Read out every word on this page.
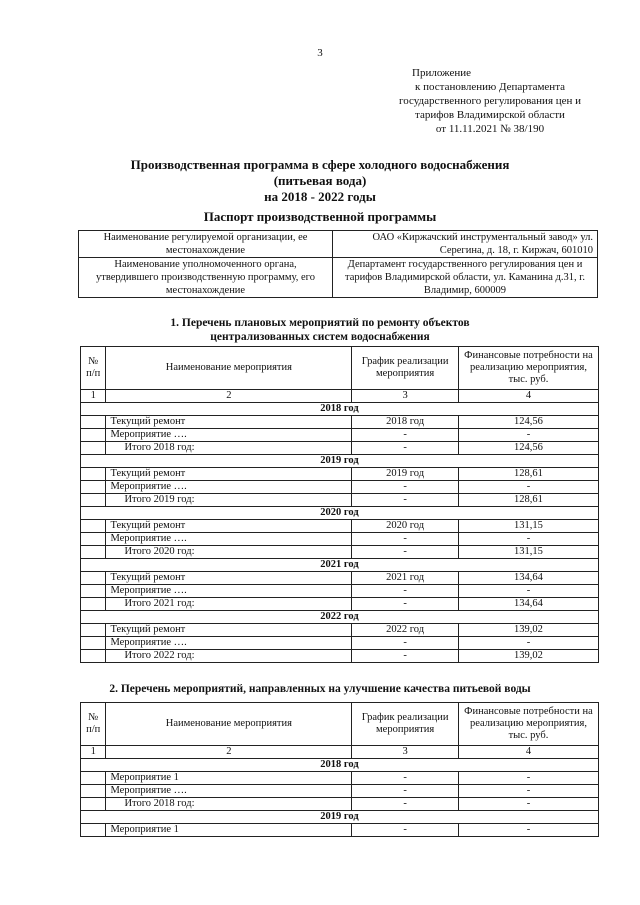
3
Приложение
к постановлению Департамента
государственного регулирования цен и
тарифов Владимирской области
от 11.11.2021 № 38/190
Производственная программа в сфере холодного водоснабжения
(питьевая вода)
на 2018 - 2022 годы
Паспорт производственной программы
Наименование регулируемой организации, ее местонахождение	ОАО «Киржачский инструментальный завод» ул. Серегина, д. 18, г. Киржач, 601010
Наименование уполномоченного органа, утвердившего производственную программу, его местонахождение	Департамент государственного регулирования цен и тарифов Владимирской области, ул. Каманина д.31, г. Владимир, 600009
1. Перечень плановых мероприятий по ремонту объектов централизованных систем водоснабжения
№ п/п	Наименование мероприятия	График реализации мероприятия	Финансовые потребности на реализацию мероприятия, тыс. руб.
1	2	3	4
2018 год			
	Текущий ремонт	2018 год	124,56
	Мероприятие ….	-	-
	Итого 2018 год:	-	124,56
2019 год			
	Текущий ремонт	2019 год	128,61
	Мероприятие ….	-	-
	Итого 2019 год:	-	128,61
2020 год			
	Текущий ремонт	2020 год	131,15
	Мероприятие ….	-	-
	Итого 2020 год:	-	131,15
2021 год			
	Текущий ремонт	2021 год	134,64
	Мероприятие ….	-	-
	Итого 2021 год:	-	134,64
2022 год			
	Текущий ремонт	2022 год	139,02
	Мероприятие ….	-	-
	Итого 2022 год:	-	139,02
2. Перечень мероприятий, направленных на улучшение качества питьевой воды
№ п/п	Наименование мероприятия	График реализации мероприятия	Финансовые потребности на реализацию мероприятия, тыс. руб.
1	2	3	4
2018 год			
	Мероприятие 1	-	-
	Мероприятие ….	-	-
	Итого 2018 год:	-	-
2019 год			
	Мероприятие 1	-	-
